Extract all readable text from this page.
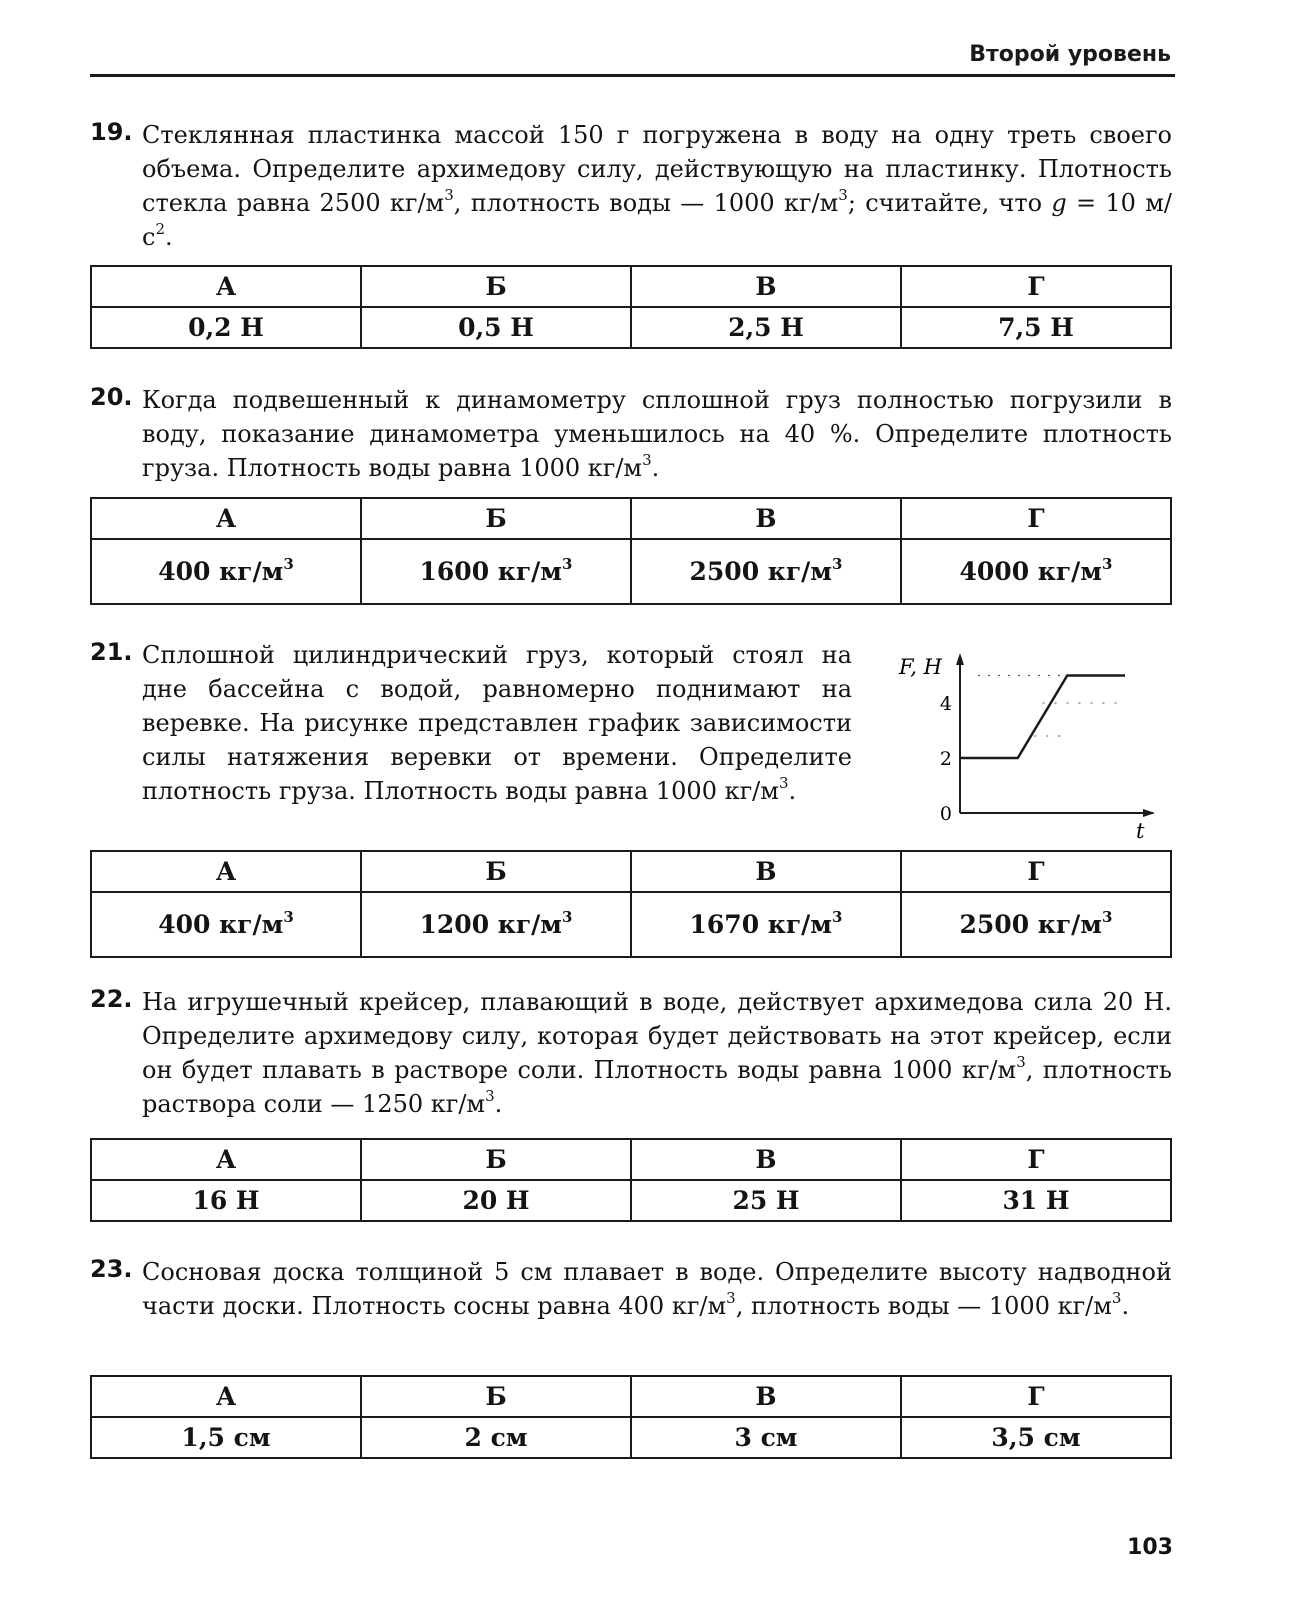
Второй уровень
19. Стеклянная пластинка массой 150 г погружена в воду на одну треть своего объема. Определите архимедову силу, действующую на пластинку. Плотность стекла равна 2500 $кг/м^3$, плотность воды — 1000 $кг/м^3$; считайте, что g = 10 $м/с^2$.
А	Б	В	Г
0,2 Н	0,5 Н	2,5 Н	7,5 Н
20. Когда подвешенный к динамометру сплошной груз полностью погрузили в воду, показание динамометра уменьшилось на 40 %. Определите плотность груза. Плотность воды равна 1000 $кг/м^3$.
А	Б	В	Г
400 $кг/м^3$	1600 $кг/м^3$	2500 $кг/м^3$	4000 $кг/м^3$
21. Сплошной цилиндрический груз, который стоял на дне бассейна с водой, равномерно поднимают на веревке. На рисунке представлен график зависимости силы натяжения веревки от времени. Определите плотность груза. Плотность воды равна 1000 $кг/м^3$.
А	Б	В	Г
400 $кг/м^3$	1200 $кг/м^3$	1670 $кг/м^3$	2500 $кг/м^3$
F, Н
t
0
2
4
22. На игрушечный крейсер, плавающий в воде, действует архимедова сила 20 Н. Определите архимедову силу, которая будет действовать на этот крейсер, если он будет плавать в растворе соли. Плотность воды равна 1000 $кг/м^3$, плотность раствора соли — 1250 $кг/м^3$.
А	Б	В	Г
16 Н	20 Н	25 Н	31 Н
23. Сосновая доска толщиной 5 см плавает в воде. Определите высоту надводной части доски. Плотность сосны равна 400 $кг/м^3$, плотность воды — 1000 $кг/м^3$.
А	Б	В	Г
1,5 см	2 см	3 см	3,5 см
103
